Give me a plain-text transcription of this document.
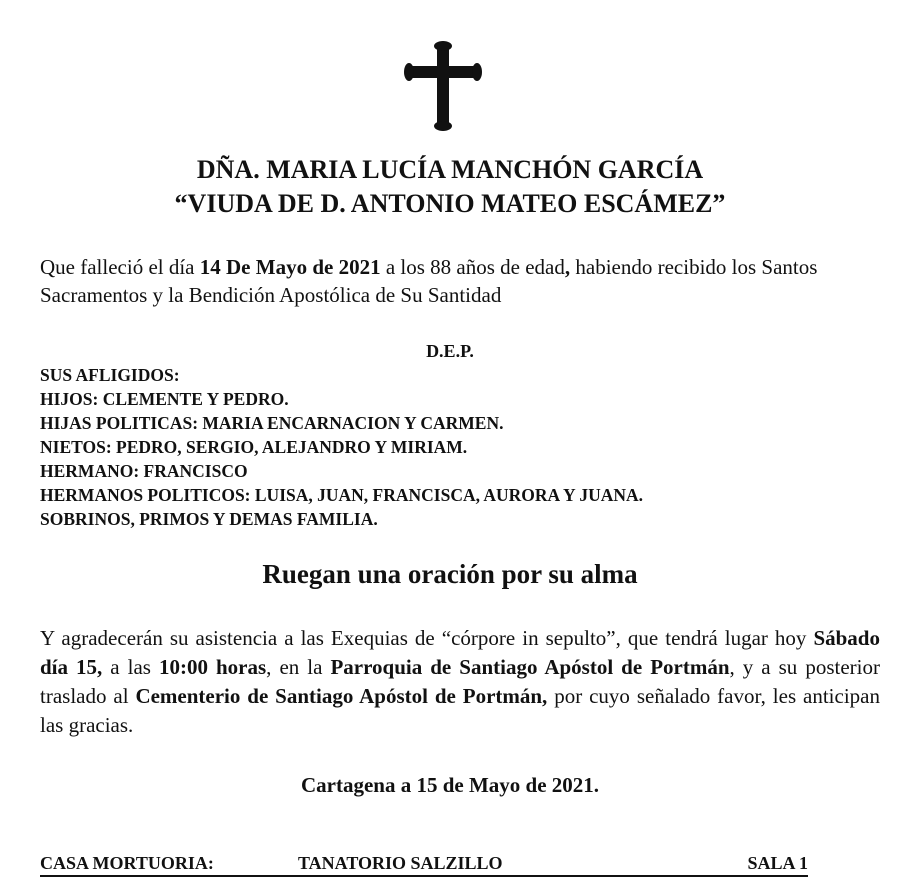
DÑA. MARIA LUCÍA MANCHÓN GARCÍA
“VIUDA DE D. ANTONIO MATEO ESCÁMEZ”
Que falleció el día 14 De Mayo de 2021 a los 88 años de edad, habiendo recibido los Santos Sacramentos y la Bendición Apostólica de Su Santidad
D.E.P.
SUS AFLIGIDOS:
HIJOS: CLEMENTE Y PEDRO.
HIJAS POLITICAS: MARIA ENCARNACION Y CARMEN.
NIETOS: PEDRO, SERGIO, ALEJANDRO Y MIRIAM.
HERMANO: FRANCISCO
HERMANOS POLITICOS: LUISA, JUAN, FRANCISCA, AURORA Y JUANA.
SOBRINOS, PRIMOS Y DEMAS FAMILIA.
Ruegan una oración por su alma
Y agradecerán su asistencia a las Exequias de “córpore in sepulto”, que tendrá lugar hoy Sábado día 15, a las 10:00 horas, en la Parroquia de Santiago Apóstol de Portmán, y a su posterior traslado al Cementerio de Santiago Apóstol de Portmán, por cuyo señalado favor, les anticipan las gracias.
Cartagena a 15 de Mayo de 2021.
CASA MORTUORIA:	TANATORIO SALZILLO	SALA 1
